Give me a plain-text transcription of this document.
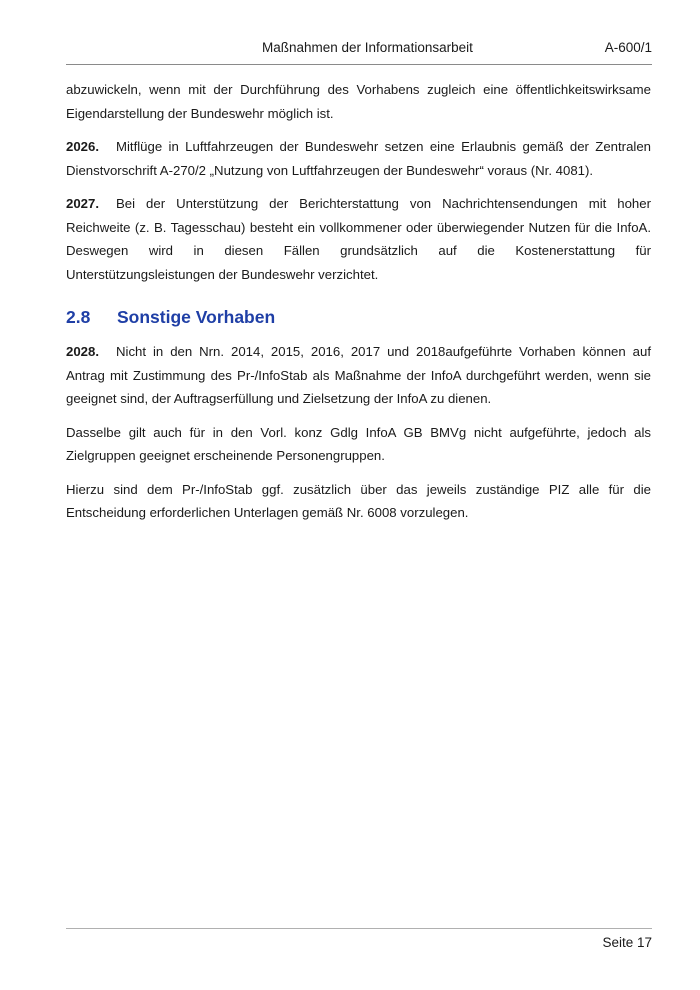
Maßnahmen der Informationsarbeit	A-600/1

abzuwickeln, wenn mit der Durchführung des Vorhabens zugleich eine öffentlichkeitswirksame Eigendarstellung der Bundeswehr möglich ist.

2026. Mitflüge in Luftfahrzeugen der Bundeswehr setzen eine Erlaubnis gemäß der Zentralen Dienstvorschrift A-270/2 „Nutzung von Luftfahrzeugen der Bundeswehr“ voraus (Nr. 4081).

2027. Bei der Unterstützung der Berichterstattung von Nachrichtensendungen mit hoher Reichweite (z. B. Tagesschau) besteht ein vollkommener oder überwiegender Nutzen für die InfoA. Deswegen wird in diesen Fällen grundsätzlich auf die Kostenerstattung für Unterstützungsleistungen der Bundeswehr verzichtet.

2.8 Sonstige Vorhaben

2028. Nicht in den Nrn. 2014, 2015, 2016, 2017 und 2018aufgeführte Vorhaben können auf Antrag mit Zustimmung des Pr-/InfoStab als Maßnahme der InfoA durchgeführt werden, wenn sie geeignet sind, der Auftragserfüllung und Zielsetzung der InfoA zu dienen.

Dasselbe gilt auch für in den Vorl. konz Gdlg InfoA GB BMVg nicht aufgeführte, jedoch als Zielgruppen geeignet erscheinende Personengruppen.

Hierzu sind dem Pr-/InfoStab ggf. zusätzlich über das jeweils zuständige PIZ alle für die Entscheidung erforderlichen Unterlagen gemäß Nr. 6008 vorzulegen.

Seite 17
